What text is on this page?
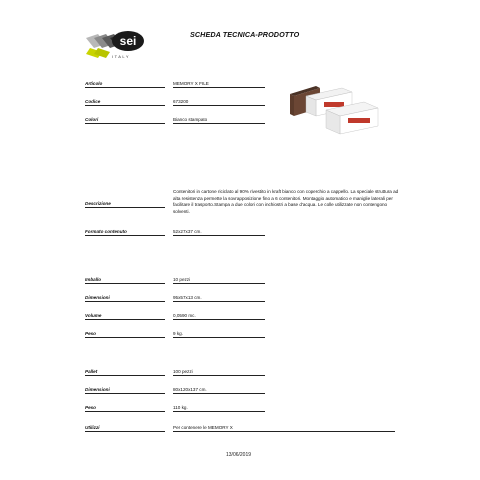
sei
ITALY
SCHEDA TECNICA-PRODOTTO
Articolo	MEMORY X FILE
Codice	673200
Colori	Bianco stampato
Descrizione
Contenitori in cartone riciclato al 90% rivestito in kraft bianco con coperchio a cappello. La speciale struttura ad alta resistenza permette la sovrapposizione fino a 6 contenitori. Montaggio automatico e maniglie laterali per facilitare il trasporto.Stampa a due colori con inchiostri a base d'acqua. Le colle utilizzate non contengono solventi.
Formato contenuto	52x27x37 cm.
Imballo	10 pezzi
Dimensioni	95x57x13 cm.
Volume	0,0590 mc.
Peso	9 kg.
Pallet	100 pezzi
Dimensioni	80x120x137 cm.
Peso	110 kg.
Utilizzi	Per contenere le MEMORY X
13/06/2019
